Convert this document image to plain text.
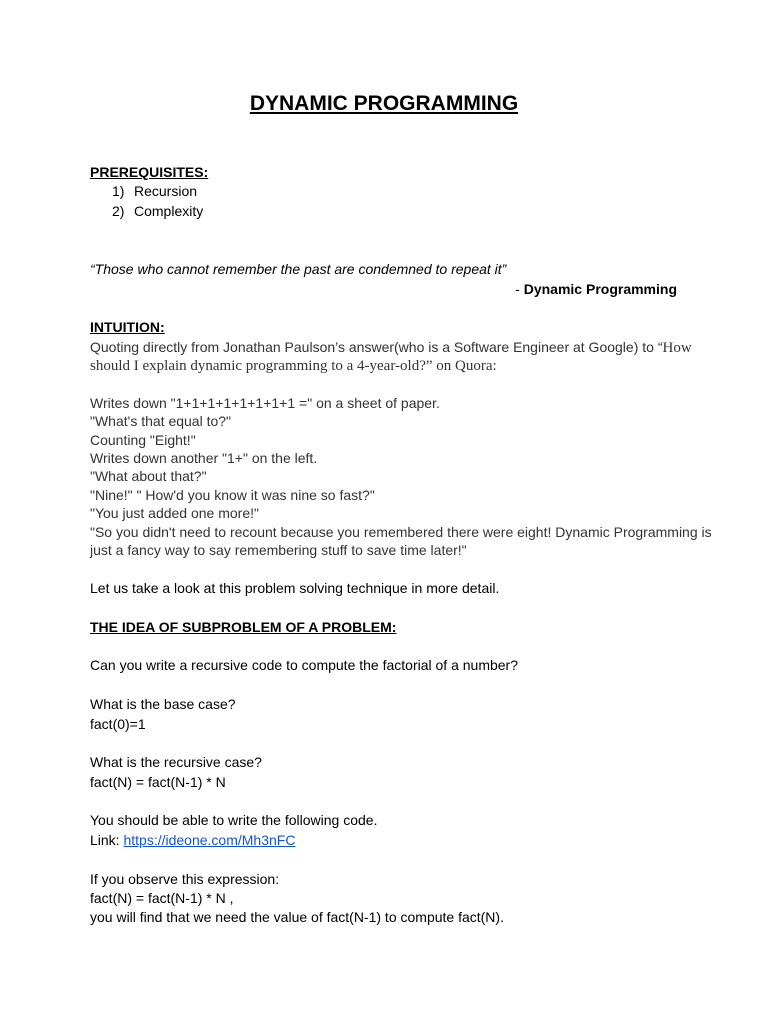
DYNAMIC PROGRAMMING
PREREQUISITES:
1) Recursion
2) Complexity
“Those who cannot remember the past are condemned to repeat it”
- Dynamic Programming
INTUITION:
Quoting directly from Jonathan Paulson’s answer(who is a Software Engineer at Google) to “How
should I explain dynamic programming to a 4-year-old?” on Quora:
Writes down "1+1+1+1+1+1+1+1 =" on a sheet of paper.
"What's that equal to?"
Counting "Eight!"
Writes down another "1+" on the left.
"What about that?"
"Nine!" " How'd you know it was nine so fast?"
"You just added one more!"
"So you didn't need to recount because you remembered there were eight! Dynamic Programming is
just a fancy way to say remembering stuff to save time later!"
Let us take a look at this problem solving technique in more detail.
THE IDEA OF SUBPROBLEM OF A PROBLEM:
Can you write a recursive code to compute the factorial of a number?
What is the base case?
fact(0)=1
What is the recursive case?
fact(N) = fact(N-1) * N
You should be able to write the following code.
Link: https://ideone.com/Mh3nFC
If you observe this expression:
fact(N) = fact(N-1) * N ,
you will find that we need the value of fact(N-1) to compute fact(N).
